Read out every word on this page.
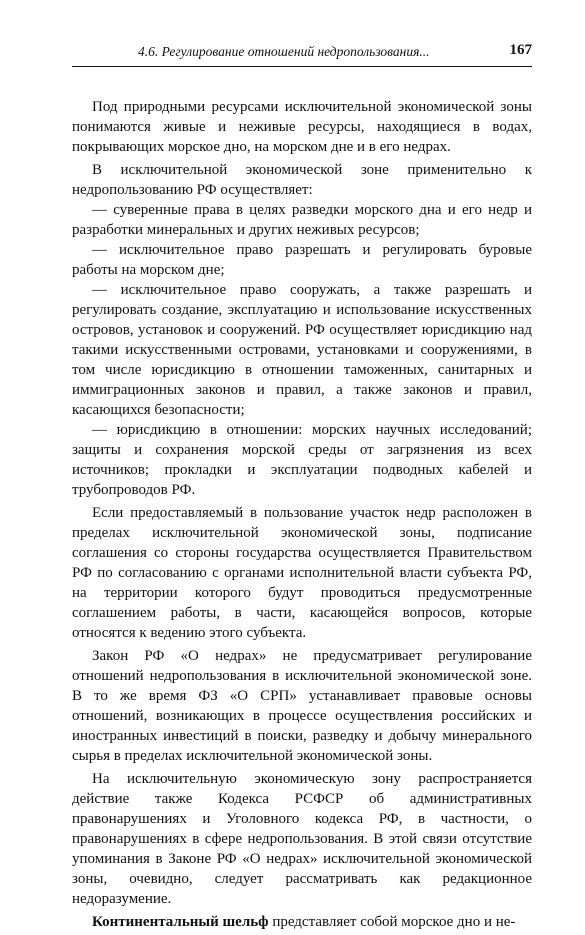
4.6. Регулирование отношений недропользования...	167

Под природными ресурсами исключительной экономической зоны понимаются живые и неживые ресурсы, находящиеся в водах, покрывающих морское дно, на морском дне и в его недрах.

В исключительной экономической зоне применительно к недропользованию РФ осуществляет:

— суверенные права в целях разведки морского дна и его недр и разработки минеральных и других неживых ресурсов;

— исключительное право разрешать и регулировать буровые работы на морском дне;

— исключительное право сооружать, а также разрешать и регулировать создание, эксплуатацию и использование искусственных островов, установок и сооружений. РФ осуществляет юрисдикцию над такими искусственными островами, установками и сооружениями, в том числе юрисдикцию в отношении таможенных, санитарных и иммиграционных законов и правил, а также законов и правил, касающихся безопасности;

— юрисдикцию в отношении: морских научных исследований; защиты и сохранения морской среды от загрязнения из всех источников; прокладки и эксплуатации подводных кабелей и трубопроводов РФ.

Если предоставляемый в пользование участок недр расположен в пределах исключительной экономической зоны, подписание соглашения со стороны государства осуществляется Правительством РФ по согласованию с органами исполнительной власти субъекта РФ, на территории которого будут проводиться предусмотренные соглашением работы, в части, касающейся вопросов, которые относятся к ведению этого субъекта.

Закон РФ «О недрах» не предусматривает регулирование отношений недропользования в исключительной экономической зоне. В то же время ФЗ «О СРП» устанавливает правовые основы отношений, возникающих в процессе осуществления российских и иностранных инвестиций в поиски, разведку и добычу минерального сырья в пределах исключительной экономической зоны.

На исключительную экономическую зону распространяется действие также Кодекса РСФСР об административных правонарушениях и Уголовного кодекса РФ, в частности, о правонарушениях в сфере недропользования. В этой связи отсутствие упоминания в Законе РФ «О недрах» исключительной экономической зоны, очевидно, следует рассматривать как редакционное недоразумение.

Континентальный шельф представляет собой морское дно и не-
